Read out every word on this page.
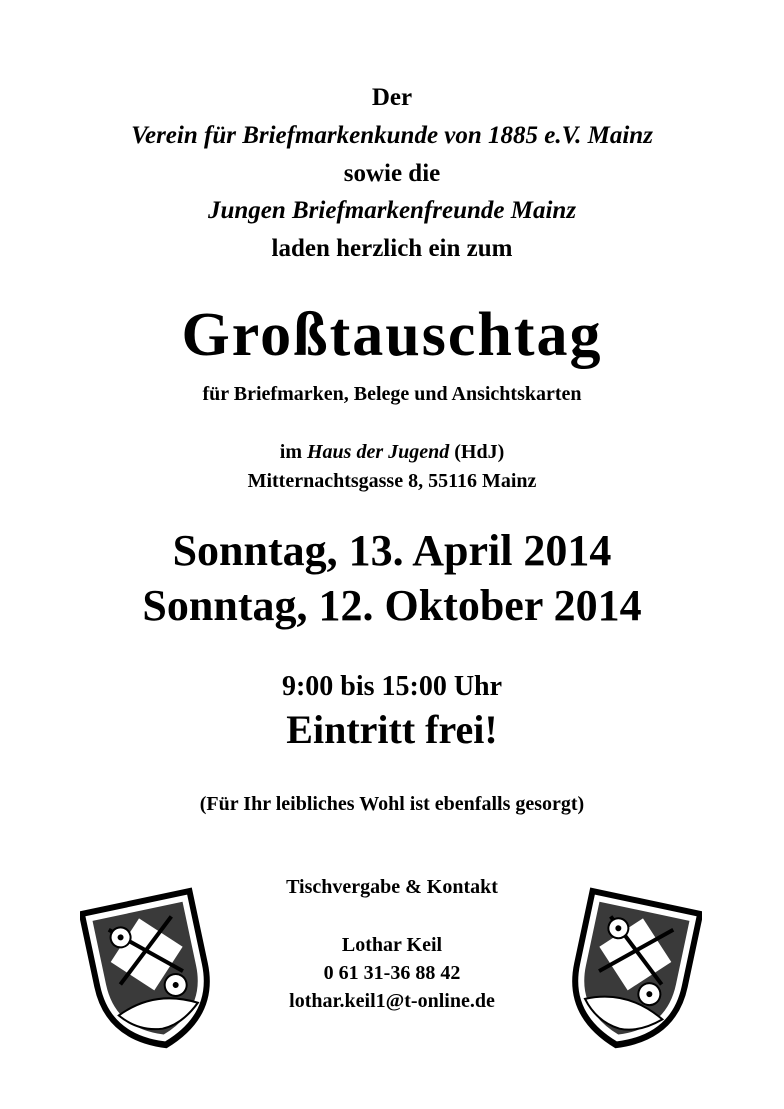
Der
Verein für Briefmarkenkunde von 1885 e.V. Mainz
sowie die
Jungen Briefmarkenfreunde Mainz
laden herzlich ein zum
Großtauschtag
für Briefmarken, Belege und Ansichtskarten
im Haus der Jugend (HdJ)
Mitternachtsgasse 8, 55116 Mainz
Sonntag, 13. April 2014
Sonntag, 12. Oktober 2014
9:00 bis 15:00 Uhr
Eintritt frei!
(Für Ihr leibliches Wohl ist ebenfalls gesorgt)
Tischvergabe & Kontakt
Lothar Keil
0 61 31-36 88 42
lothar.keil1@t-online.de
